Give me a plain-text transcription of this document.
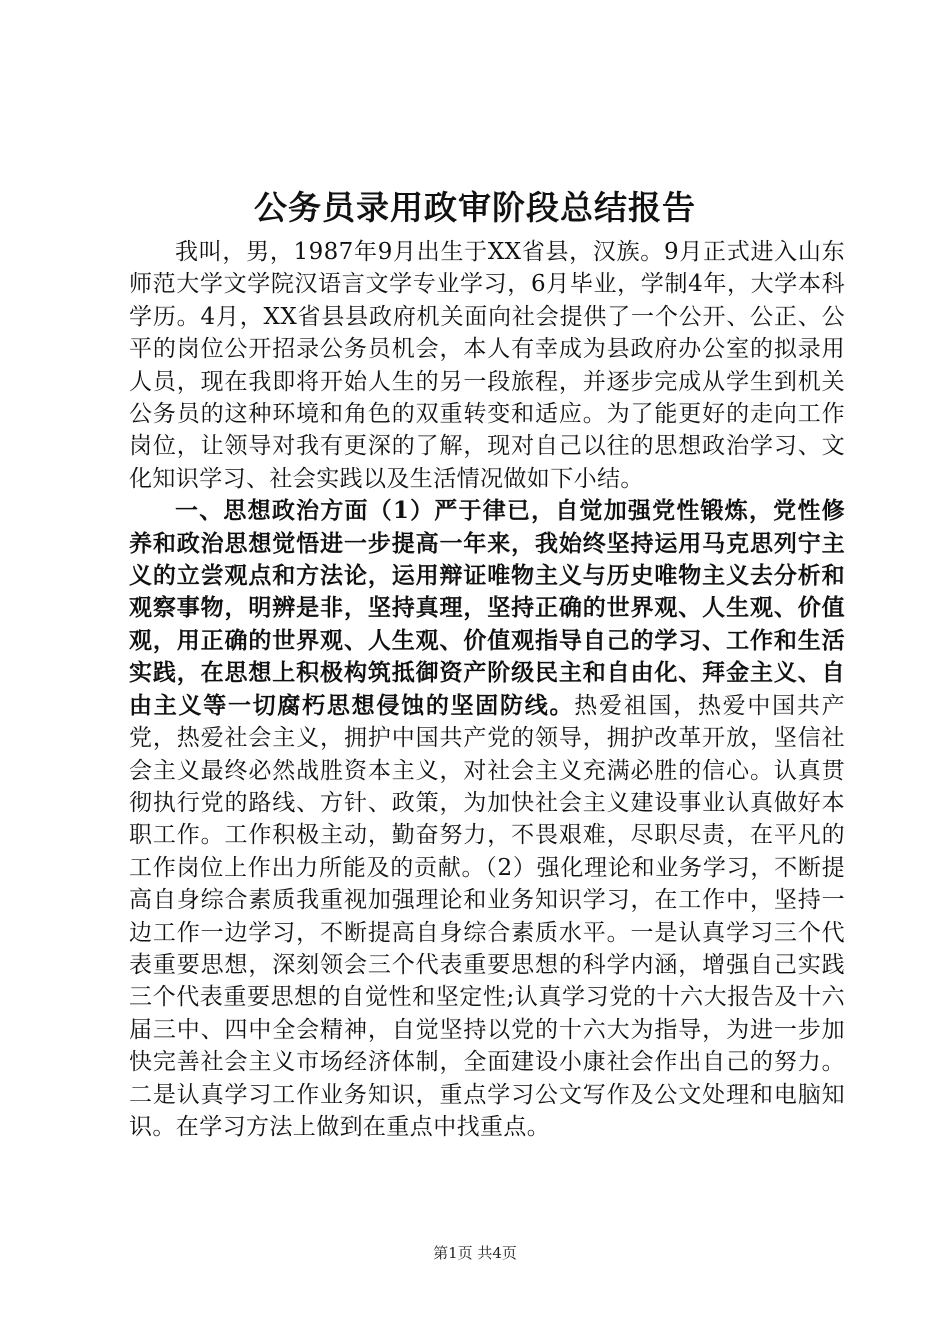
公务员录用政审阶段总结报告

我叫，男，1987年9月出生于XX省县，汉族。9月正式进入山东师范大学文学院汉语言文学专业学习，6月毕业，学制4年，大学本科学历。4月，XX省县县政府机关面向社会提供了一个公开、公正、公平的岗位公开招录公务员机会，本人有幸成为县政府办公室的拟录用人员，现在我即将开始人生的另一段旅程，并逐步完成从学生到机关公务员的这种环境和角色的双重转变和适应。为了能更好的走向工作岗位，让领导对我有更深的了解，现对自己以往的思想政治学习、文化知识学习、社会实践以及生活情况做如下小结。

一、思想政治方面（1）严于律已，自觉加强党性锻炼，党性修养和政治思想觉悟进一步提高一年来，我始终坚持运用马克思列宁主义的立尝观点和方法论，运用辩证唯物主义与历史唯物主义去分析和观察事物，明辨是非，坚持真理，坚持正确的世界观、人生观、价值观，用正确的世界观、人生观、价值观指导自己的学习、工作和生活实践，在思想上积极构筑抵御资产阶级民主和自由化、拜金主义、自由主义等一切腐朽思想侵蚀的坚固防线。热爱祖国，热爱中国共产党，热爱社会主义，拥护中国共产党的领导，拥护改革开放，坚信社会主义最终必然战胜资本主义，对社会主义充满必胜的信心。认真贯彻执行党的路线、方针、政策，为加快社会主义建设事业认真做好本职工作。工作积极主动，勤奋努力，不畏艰难，尽职尽责，在平凡的工作岗位上作出力所能及的贡献。（2）强化理论和业务学习，不断提高自身综合素质我重视加强理论和业务知识学习，在工作中，坚持一边工作一边学习，不断提高自身综合素质水平。一是认真学习三个代表重要思想，深刻领会三个代表重要思想的科学内涵，增强自己实践三个代表重要思想的自觉性和坚定性;认真学习党的十六大报告及十六届三中、四中全会精神，自觉坚持以党的十六大为指导，为进一步加快完善社会主义市场经济体制，全面建设小康社会作出自己的努力。二是认真学习工作业务知识，重点学习公文写作及公文处理和电脑知识。在学习方法上做到在重点中找重点。

第1页 共4页
